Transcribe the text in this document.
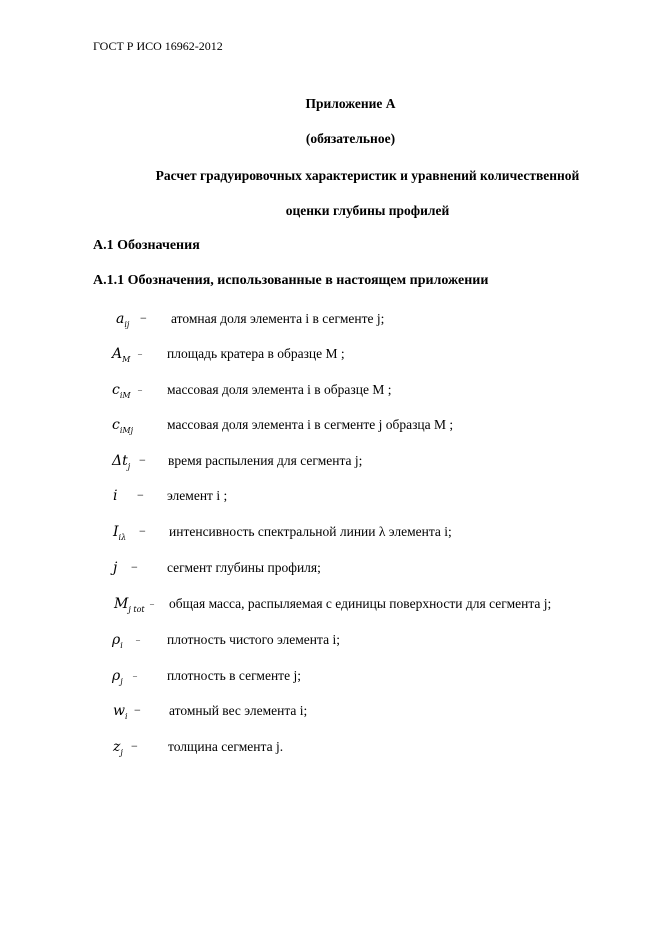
ГОСТ Р ИСО 16962-2012
Приложение А
(обязательное)
Расчет градуировочных характеристик и уравнений количественной
оценки глубины профилей
А.1 Обозначения
А.1.1 Обозначения, использованные в настоящем приложении
$a_{ij}$ − атомная доля элемента i в сегменте j;
$A_M$
– площадь кратера в образце M ;
$c_{iM}$
– массовая доля элемента i в образце M ;
$c_{iMj}$	массовая доля элемента i в сегменте j образца M ;
$\Delta t_j$ − время распыления для сегмента j;
i − элемент i ;
$I_{i\lambda}$ − интенсивность спектральной линии λ элемента i;
j − сегмент глубины профиля;
$M_{j tot}$
– общая масса, распыляемая с единицы поверхности для сегмента j;
$\rho_i$
– плотность чистого элемента i;
$\rho_j$
– плотность в сегменте j;
$w_i$ − атомный вес элемента i;
$z_j$ − толщина сегмента j.
